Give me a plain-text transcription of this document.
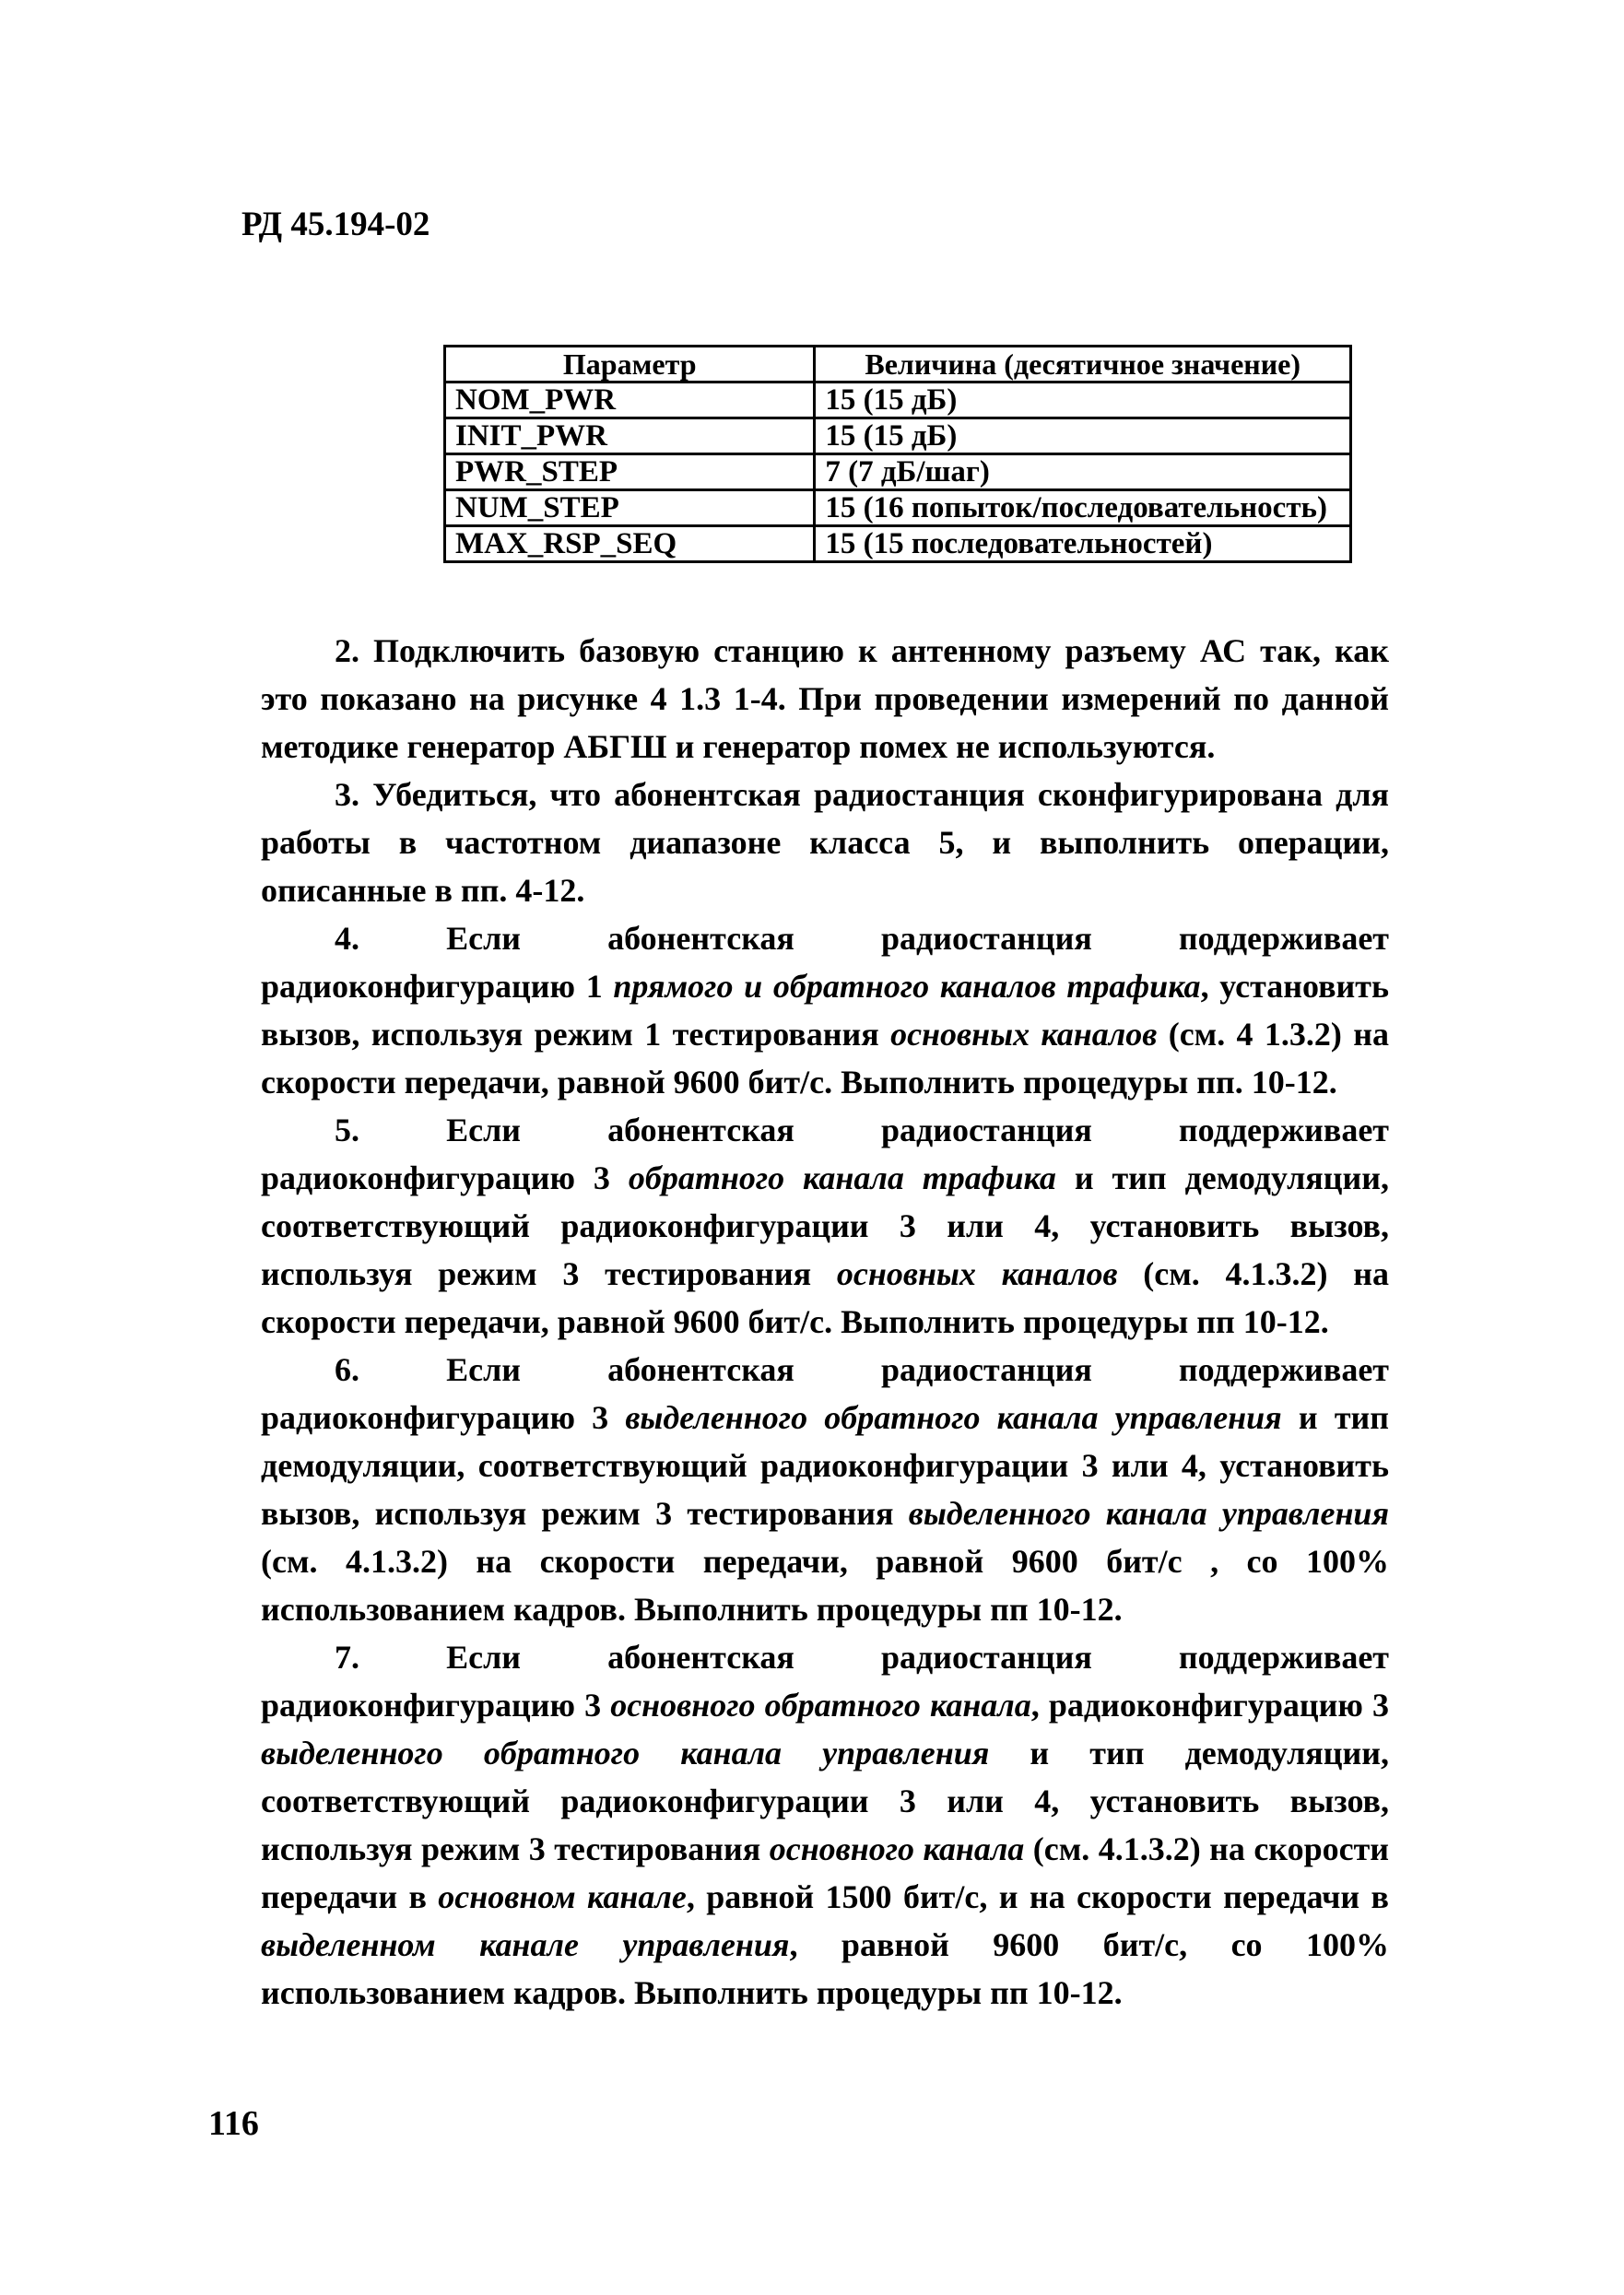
РД 45.194-02
Параметр	Величина (десятичное значение)
NOM_PWR	15 (15 дБ)
INIT_PWR	15 (15 дБ)
PWR_STEP	7 (7 дБ/шаг)
NUM_STEP	15 (16 попыток/последовательность)
MAX_RSP_SEQ	15 (15 последовательностей)

2. Подключить базовую станцию к антенному разъему АС так, как это показано на рисунке 4 1.3 1-4. При проведении измерений по данной методике генератор АБГШ и генератор помех не используются.

3. Убедиться, что абонентская радиостанция сконфигурирована для работы в частотном диапазоне класса 5, и выполнить операции, описанные в пп. 4-12.

4. Если абонентская радиостанция поддерживает радиоконфигурацию 1 прямого и обратного каналов трафика, установить вызов, используя режим 1 тестирования основных каналов (см. 4 1.3.2) на скорости передачи, равной 9600 бит/с. Выполнить процедуры пп. 10-12.

5. Если абонентская радиостанция поддерживает радиоконфигурацию 3 обратного канала трафика и тип демодуляции, соответствующий радиоконфигурации 3 или 4, установить вызов, используя режим 3 тестирования основных каналов (см. 4.1.3.2) на скорости передачи, равной 9600 бит/с. Выполнить процедуры пп 10-12.

6. Если абонентская радиостанция поддерживает радиоконфигурацию 3 выделенного обратного канала управления и тип демодуляции, соответствующий радиоконфигурации 3 или 4, установить вызов, используя режим 3 тестирования выделенного канала управления (см. 4.1.3.2) на скорости передачи, равной 9600 бит/с , со 100% использованием кадров. Выполнить процедуры пп 10-12.

7. Если абонентская радиостанция поддерживает радиоконфигурацию 3 основного обратного канала, радиоконфигурацию 3 выделенного обратного канала управления и тип демодуляции, соответствующий радиоконфигурации 3 или 4, установить вызов, используя режим 3 тестирования основного канала (см. 4.1.3.2) на скорости передачи в основном канале, равной 1500 бит/с, и на скорости передачи в выделенном канале управления, равной 9600 бит/с, со 100% использованием кадров. Выполнить процедуры пп 10-12.

116
